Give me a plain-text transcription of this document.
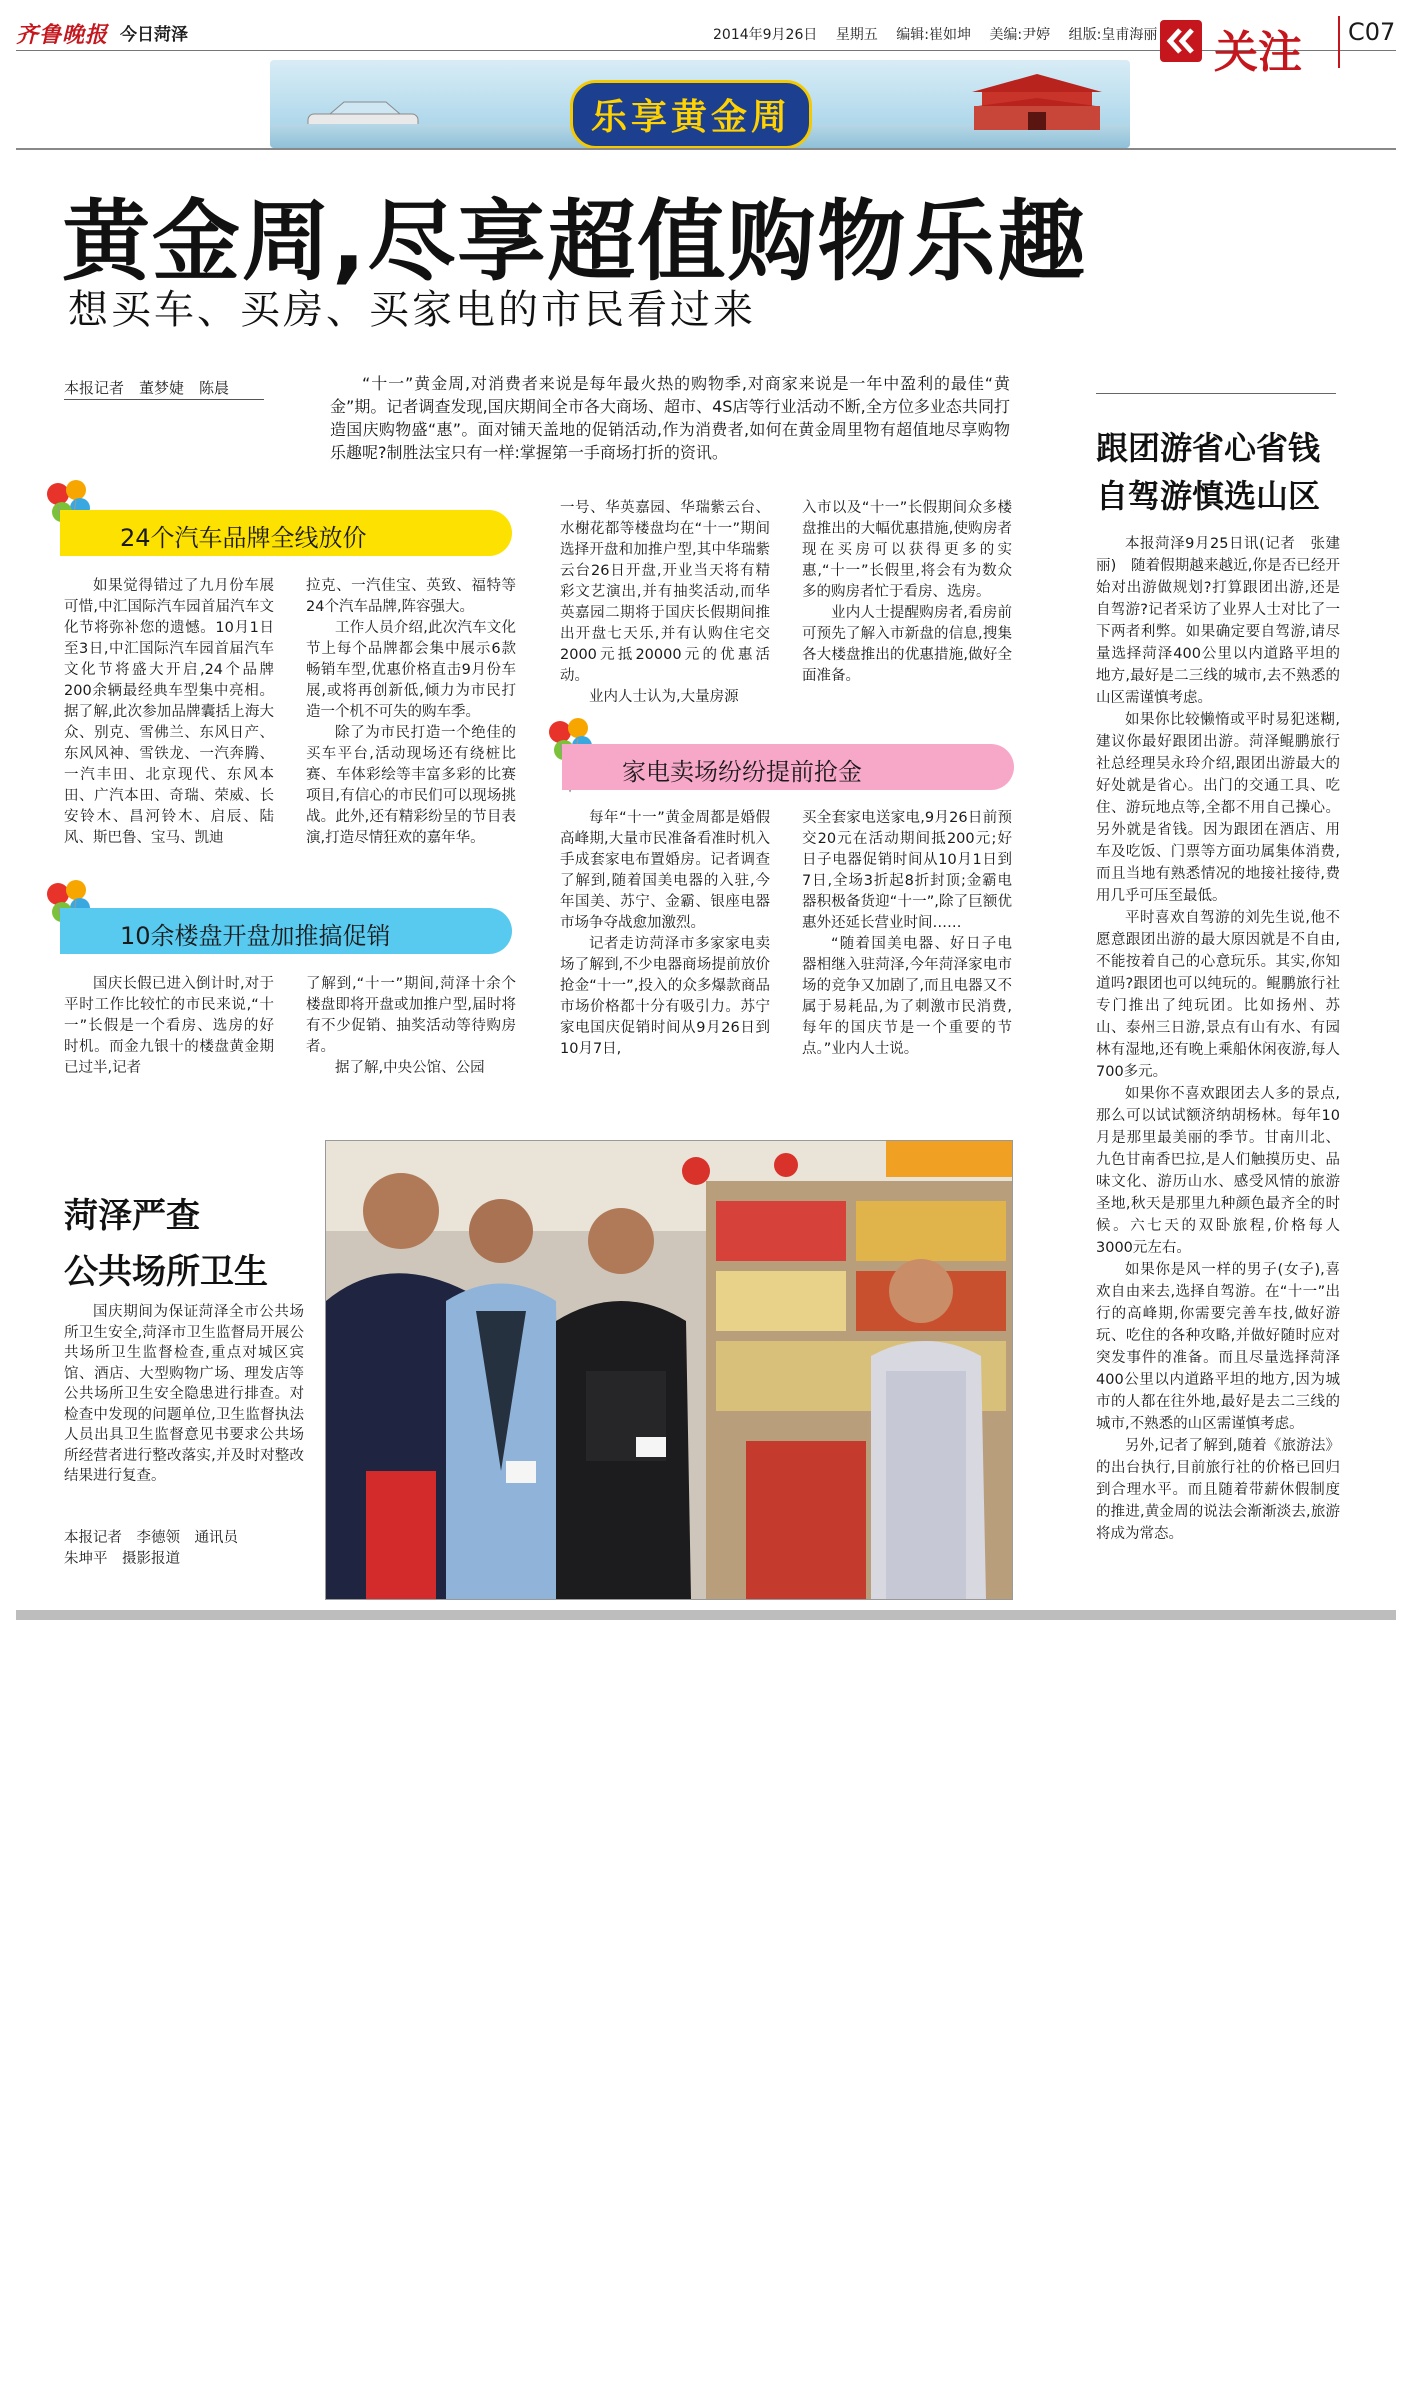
齐鲁晚报 今日菏泽	2014年9月26日 星期五 编辑:崔如坤 美编:尹婷 组版:皇甫海丽	关注 C07
乐享黄金周
黄金周,尽享超值购物乐趣
想买车、买房、买家电的市民看过来
本报记者　董梦婕　陈晨	“十一”黄金周,对消费者来说是每年最火热的购物季,对商家来说是一年中盈利的最佳“黄金”期。记者调查发现,国庆期间全市各大商场、超市、4S店等行业活动不断,全方位多业态共同打造国庆购物盛“惠”。面对铺天盖地的促销活动,作为消费者,如何在黄金周里物有超值地尽享购物乐趣呢?制胜法宝只有一样:掌握第一手商场打折的资讯。
24个汽车品牌全线放价
如果觉得错过了九月份车展可惜,中汇国际汽车园首届汽车文化节将弥补您的遗憾。10月1日至3日,中汇国际汽车园首届汽车文化节将盛大开启,24个品牌200余辆最经典车型集中亮相。据了解,此次参加品牌囊括上海大众、别克、雪佛兰、东风日产、东风风神、雪铁龙、一汽奔腾、一汽丰田、北京现代、东风本田、广汽本田、奇瑞、荣威、长安铃木、昌河铃木、启辰、陆风、斯巴鲁、宝马、凯迪

拉克、一汽佳宝、英致、福特等24个汽车品牌,阵容强大。

工作人员介绍,此次汽车文化节上每个品牌都会集中展示6款畅销车型,优惠价格直击9月份车展,或将再创新低,倾力为市民打造一个机不可失的购车季。

除了为市民打造一个绝佳的买车平台,活动现场还有绕桩比赛、车体彩绘等丰富多彩的比赛项目,有信心的市民们可以现场挑战。此外,还有精彩纷呈的节目表演,打造尽情狂欢的嘉年华。

10余楼盘开盘加推搞促销
国庆长假已进入倒计时,对于平时工作比较忙的市民来说,“十一”长假是一个看房、选房的好时机。而金九银十的楼盘黄金期已过半,记者

了解到,“十一”期间,菏泽十余个楼盘即将开盘或加推户型,届时将有不少促销、抽奖活动等待购房者。

据了解,中央公馆、公园

一号、华英嘉园、华瑞紫云台、水榭花都等楼盘均在“十一”期间选择开盘和加推户型,其中华瑞紫云台26日开盘,开业当天将有精彩文艺演出,并有抽奖活动,而华英嘉园二期将于国庆长假期间推出开盘七天乐,并有认购住宅交2000元抵20000元的优惠活动。

业内人士认为,大量房源

入市以及“十一”长假期间众多楼盘推出的大幅优惠措施,使购房者现在买房可以获得更多的实惠,“十一”长假里,将会有为数众多的购房者忙于看房、选房。

业内人士提醒购房者,看房前可预先了解入市新盘的信息,搜集各大楼盘推出的优惠措施,做好全面准备。

家电卖场纷纷提前抢金

每年“十一”黄金周都是婚假高峰期,大量市民准备看准时机入手成套家电布置婚房。记者调查了解到,随着国美电器的入驻,今年国美、苏宁、金霸、银座电器市场争夺战愈加激烈。

记者走访菏泽市多家家电卖场了解到,不少电器商场提前放价抢金“十一”,投入的众多爆款商品市场价格都十分有吸引力。苏宁家电国庆促销时间从9月26日到10月7日,

买全套家电送家电,9月26日前预交20元在活动期间抵200元;好日子电器促销时间从10月1日到7日,全场3折起8折封顶;金霸电器积极备货迎“十一”,除了巨额优惠外还延长营业时间……

“随着国美电器、好日子电器相继入驻菏泽,今年菏泽家电市场的竞争又加剧了,而且电器又不属于易耗品,为了刺激市民消费,每年的国庆节是一个重要的节点。”业内人士说。

跟团游省心省钱
自驾游慎选山区

本报菏泽9月25日讯(记者　张建丽)　随着假期越来越近,你是否已经开始对出游做规划?打算跟团出游,还是自驾游?记者采访了业界人士对比了一下两者利弊。如果确定要自驾游,请尽量选择菏泽400公里以内道路平坦的地方,最好是二三线的城市,去不熟悉的山区需谨慎考虑。

如果你比较懒惰或平时易犯迷糊,建议你最好跟团出游。菏泽鲲鹏旅行社总经理吴永玲介绍,跟团出游最大的好处就是省心。出门的交通工具、吃住、游玩地点等,全都不用自己操心。另外就是省钱。因为跟团在酒店、用车及吃饭、门票等方面功属集体消费,而且当地有熟悉情况的地接社接待,费用几乎可压至最低。

平时喜欢自驾游的刘先生说,他不愿意跟团出游的最大原因就是不自由,不能按着自己的心意玩乐。其实,你知道吗?跟团也可以纯玩的。鲲鹏旅行社专门推出了纯玩团。比如扬州、苏山、泰州三日游,景点有山有水、有园林有湿地,还有晚上乘船休闲夜游,每人700多元。

如果你不喜欢跟团去人多的景点,那么可以试试额济纳胡杨林。每年10月是那里最美丽的季节。甘南川北、九色甘南香巴拉,是人们触摸历史、品味文化、游历山水、感受风情的旅游圣地,秋天是那里九种颜色最齐全的时候。六七天的双卧旅程,价格每人3000元左右。

如果你是风一样的男子(女子),喜欢自由来去,选择自驾游。在“十一”出行的高峰期,你需要完善车技,做好游玩、吃住的各种攻略,并做好随时应对突发事件的准备。而且尽量选择菏泽400公里以内道路平坦的地方,因为城市的人都在往外地,最好是去二三线的城市,不熟悉的山区需谨慎考虑。

另外,记者了解到,随着《旅游法》的出台执行,目前旅行社的价格已回归到合理水平。而且随着带薪休假制度的推进,黄金周的说法会渐渐淡去,旅游将成为常态。

菏泽严查
公共场所卫生
国庆期间为保证菏泽全市公共场所卫生安全,菏泽市卫生监督局开展公共场所卫生监督检查,重点对城区宾馆、酒店、大型购物广场、理发店等公共场所卫生安全隐患进行排查。对检查中发现的问题单位,卫生监督执法人员出具卫生监督意见书要求公共场所经营者进行整改落实,并及时对整改结果进行复查。
本报记者　李德领　通讯员
朱坤平　摄影报道
